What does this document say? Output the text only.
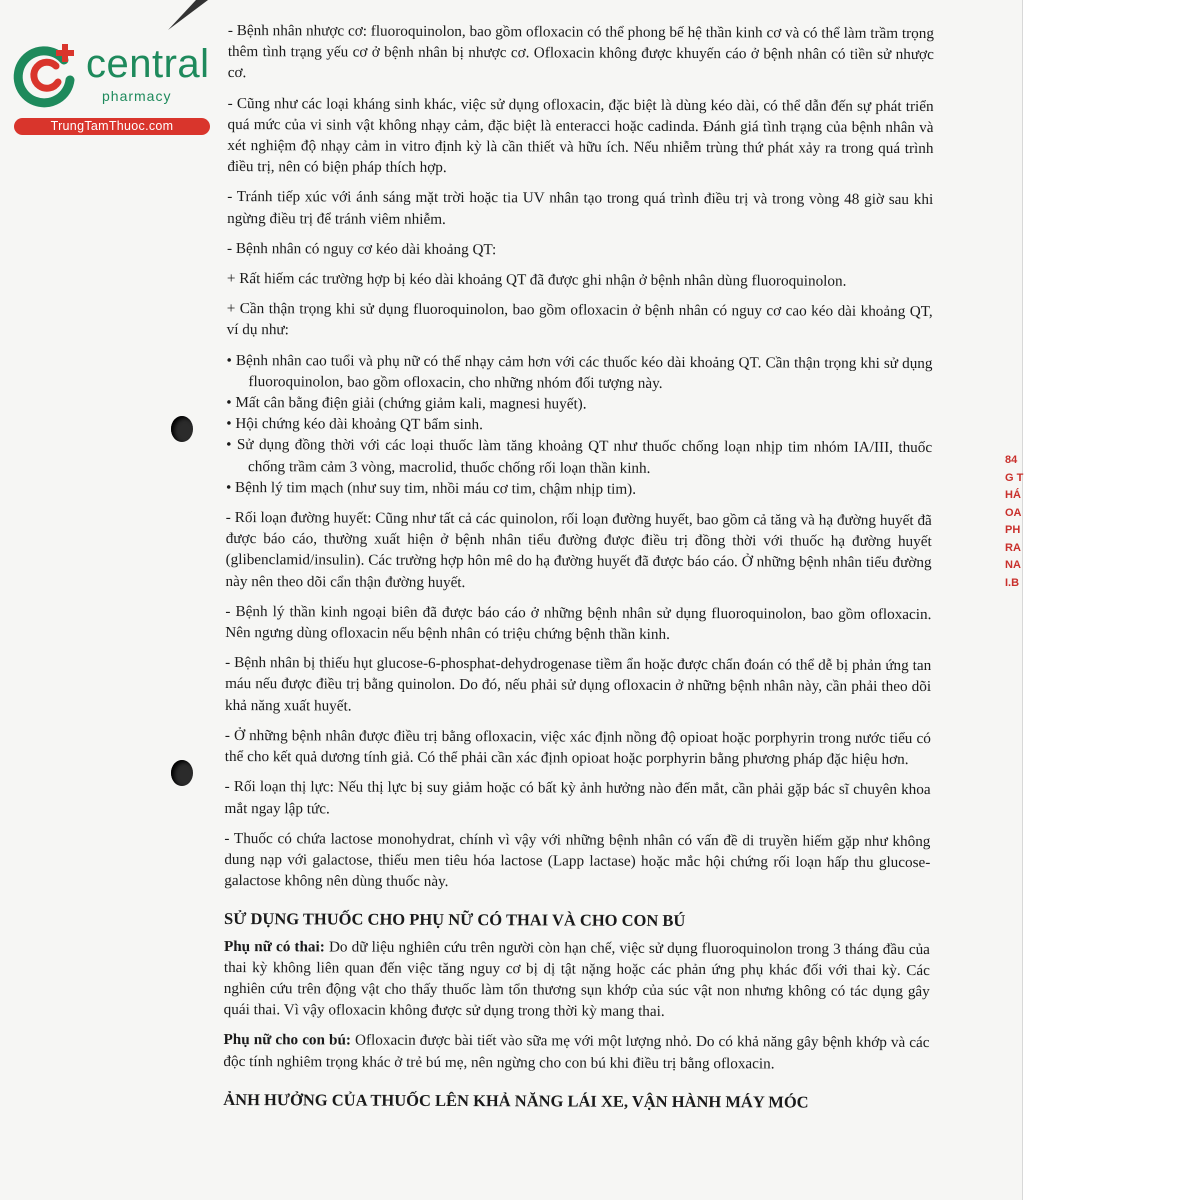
84
G T
HÁ
OA
PH
RA
NA
I.B
central
pharmacy
TrungTamThuoc.com

- Bệnh nhân nhược cơ: fluoroquinolon, bao gồm ofloxacin có thể phong bế hệ thần kinh cơ và có thể làm trầm trọng thêm tình trạng yếu cơ ở bệnh nhân bị nhược cơ. Ofloxacin không được khuyến cáo ở bệnh nhân có tiền sử nhược cơ.

- Cũng như các loại kháng sinh khác, việc sử dụng ofloxacin, đặc biệt là dùng kéo dài, có thể dẫn đến sự phát triển quá mức của vi sinh vật không nhạy cảm, đặc biệt là enteracci hoặc cadinda. Đánh giá tình trạng của bệnh nhân và xét nghiệm độ nhạy cảm in vitro định kỳ là cần thiết và hữu ích. Nếu nhiễm trùng thứ phát xảy ra trong quá trình điều trị, nên có biện pháp thích hợp.

- Tránh tiếp xúc với ánh sáng mặt trời hoặc tia UV nhân tạo trong quá trình điều trị và trong vòng 48 giờ sau khi ngừng điều trị để tránh viêm nhiễm.

- Bệnh nhân có nguy cơ kéo dài khoảng QT:

+ Rất hiếm các trường hợp bị kéo dài khoảng QT đã được ghi nhận ở bệnh nhân dùng fluoroquinolon.

+ Cần thận trọng khi sử dụng fluoroquinolon, bao gồm ofloxacin ở bệnh nhân có nguy cơ cao kéo dài khoảng QT, ví dụ như:

• Bệnh nhân cao tuổi và phụ nữ có thể nhạy cảm hơn với các thuốc kéo dài khoảng QT. Cần thận trọng khi sử dụng fluoroquinolon, bao gồm ofloxacin, cho những nhóm đối tượng này.

• Mất cân bằng điện giải (chứng giảm kali, magnesi huyết).

• Hội chứng kéo dài khoảng QT bẩm sinh.

• Sử dụng đồng thời với các loại thuốc làm tăng khoảng QT như thuốc chống loạn nhịp tim nhóm IA/III, thuốc chống trầm cảm 3 vòng, macrolid, thuốc chống rối loạn thần kinh.

• Bệnh lý tim mạch (như suy tim, nhồi máu cơ tim, chậm nhịp tim).

- Rối loạn đường huyết: Cũng như tất cả các quinolon, rối loạn đường huyết, bao gồm cả tăng và hạ đường huyết đã được báo cáo, thường xuất hiện ở bệnh nhân tiểu đường được điều trị đồng thời với thuốc hạ đường huyết (glibenclamid/insulin). Các trường hợp hôn mê do hạ đường huyết đã được báo cáo. Ở những bệnh nhân tiểu đường này nên theo dõi cẩn thận đường huyết.

- Bệnh lý thần kinh ngoại biên đã được báo cáo ở những bệnh nhân sử dụng fluoroquinolon, bao gồm ofloxacin. Nên ngưng dùng ofloxacin nếu bệnh nhân có triệu chứng bệnh thần kinh.

- Bệnh nhân bị thiếu hụt glucose-6-phosphat-dehydrogenase tiềm ẩn hoặc được chẩn đoán có thể dễ bị phản ứng tan máu nếu được điều trị bằng quinolon. Do đó, nếu phải sử dụng ofloxacin ở những bệnh nhân này, cần phải theo dõi khả năng xuất huyết.

- Ở những bệnh nhân được điều trị bằng ofloxacin, việc xác định nồng độ opioat hoặc porphyrin trong nước tiểu có thể cho kết quả dương tính giả. Có thể phải cần xác định opioat hoặc porphyrin bằng phương pháp đặc hiệu hơn.

- Rối loạn thị lực: Nếu thị lực bị suy giảm hoặc có bất kỳ ảnh hưởng nào đến mắt, cần phải gặp bác sĩ chuyên khoa mắt ngay lập tức.

- Thuốc có chứa lactose monohydrat, chính vì vậy với những bệnh nhân có vấn đề di truyền hiếm gặp như không dung nạp với galactose, thiếu men tiêu hóa lactose (Lapp lactase) hoặc mắc hội chứng rối loạn hấp thu glucose-galactose không nên dùng thuốc này.

SỬ DỤNG THUỐC CHO PHỤ NỮ CÓ THAI VÀ CHO CON BÚ

Phụ nữ có thai: Do dữ liệu nghiên cứu trên người còn hạn chế, việc sử dụng fluoroquinolon trong 3 tháng đầu của thai kỳ không liên quan đến việc tăng nguy cơ bị dị tật nặng hoặc các phản ứng phụ khác đối với thai kỳ. Các nghiên cứu trên động vật cho thấy thuốc làm tổn thương sụn khớp của súc vật non nhưng không có tác dụng gây quái thai. Vì vậy ofloxacin không được sử dụng trong thời kỳ mang thai.

Phụ nữ cho con bú: Ofloxacin được bài tiết vào sữa mẹ với một lượng nhỏ. Do có khả năng gây bệnh khớp và các độc tính nghiêm trọng khác ở trẻ bú mẹ, nên ngừng cho con bú khi điều trị bằng ofloxacin.

ẢNH HƯỞNG CỦA THUỐC LÊN KHẢ NĂNG LÁI XE, VẬN HÀNH MÁY MÓC
